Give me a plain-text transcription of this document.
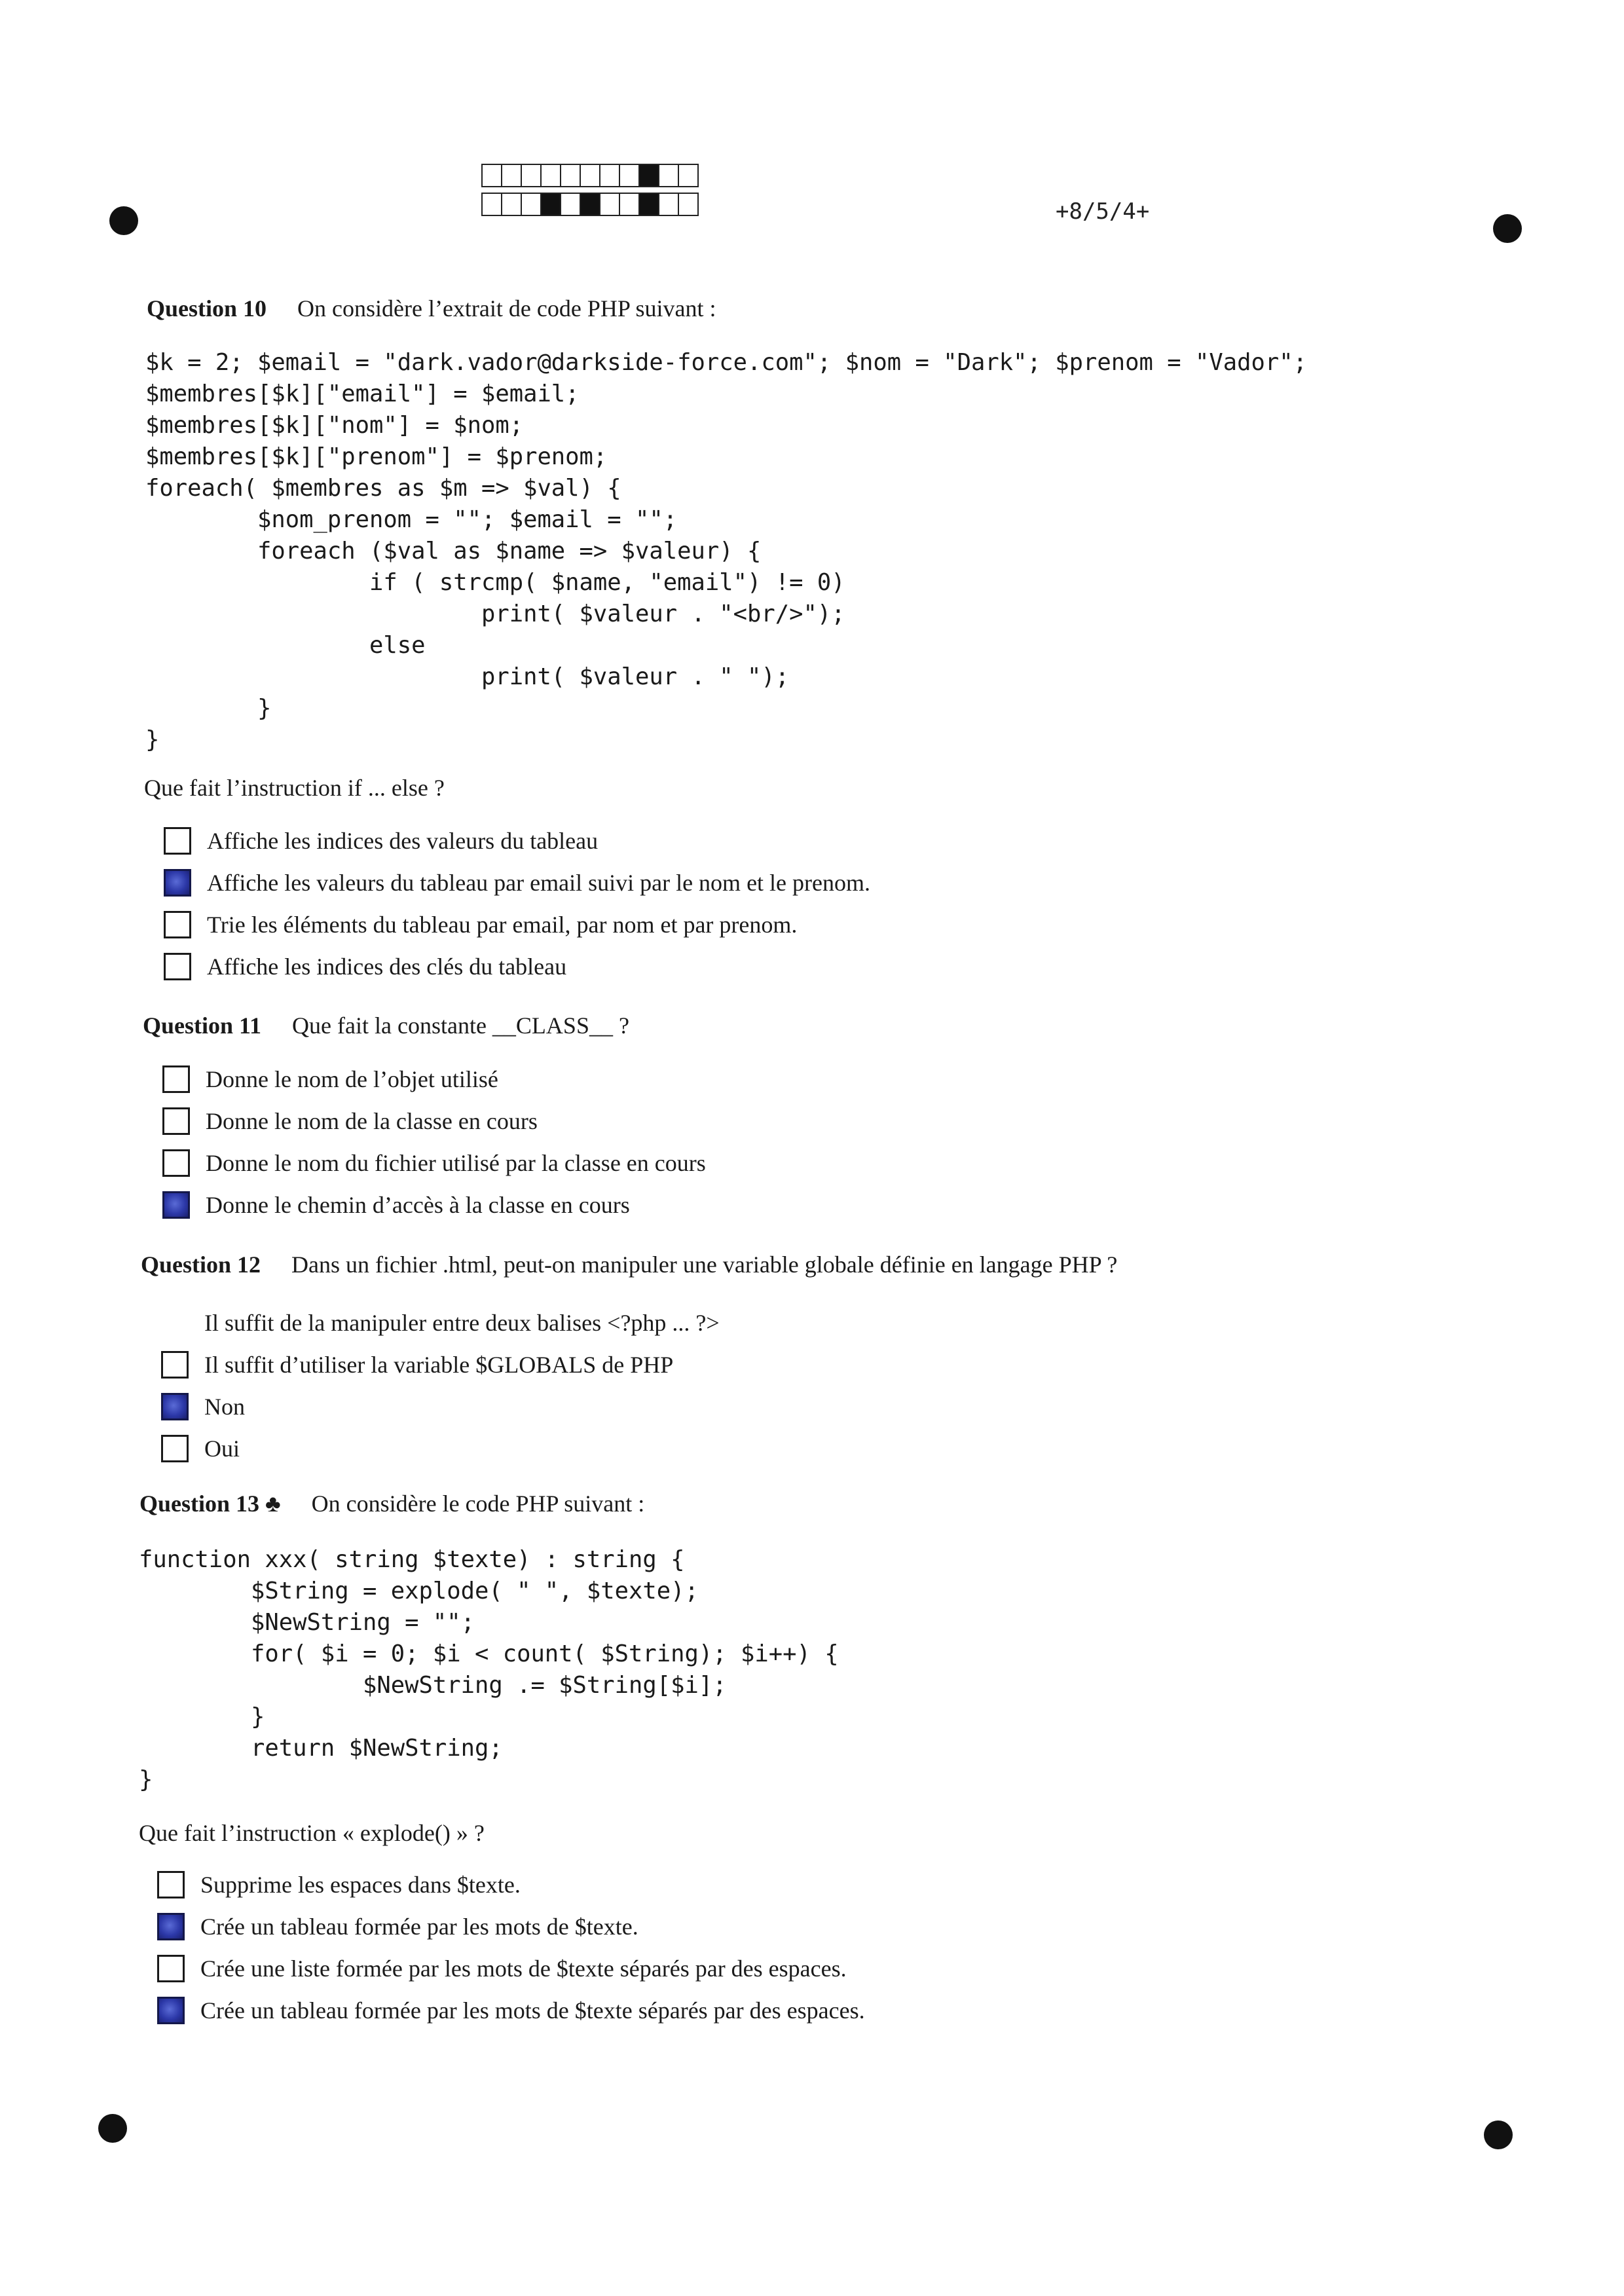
+8/5/4+
Question 10 On considère l’extrait de code PHP suivant :
$k = 2; $email = "dark.vador@darkside-force.com"; $nom = "Dark"; $prenom = "Vador";
$membres[$k]["email"] = $email;
$membres[$k]["nom"] = $nom;
$membres[$k]["prenom"] = $prenom;
foreach( $membres as $m => $val) {
$nom_prenom = ""; $email = "";
foreach ($val as $name => $valeur) {
if ( strcmp( $name, "email") != 0)
print( $valeur . "<br/>");
else
print( $valeur . " ");
}
}
Que fait l’instruction if ... else ?
Affiche les indices des valeurs du tableau
Affiche les valeurs du tableau par email suivi par le nom et le prenom.
Trie les éléments du tableau par email, par nom et par prenom.
Affiche les indices des clés du tableau
Question 11 Que fait la constante __CLASS__ ?
Donne le nom de l’objet utilisé
Donne le nom de la classe en cours
Donne le nom du fichier utilisé par la classe en cours
Donne le chemin d’accès à la classe en cours
Question 12 Dans un fichier .html, peut-on manipuler une variable globale définie en langage PHP ?
Il suffit de la manipuler entre deux balises <?php ... ?>
Il suffit d’utiliser la variable $GLOBALS de PHP
Non
Oui
Question 13 ♣ On considère le code PHP suivant :
function xxx( string $texte) : string {
$String = explode( " ", $texte);
$NewString = "";
for( $i = 0; $i < count( $String); $i++) {
$NewString .= $String[$i];
}
return $NewString;
}
Que fait l’instruction « explode() » ?
Supprime les espaces dans $texte.
Crée un tableau formée par les mots de $texte.
Crée une liste formée par les mots de $texte séparés par des espaces.
Crée un tableau formée par les mots de $texte séparés par des espaces.
